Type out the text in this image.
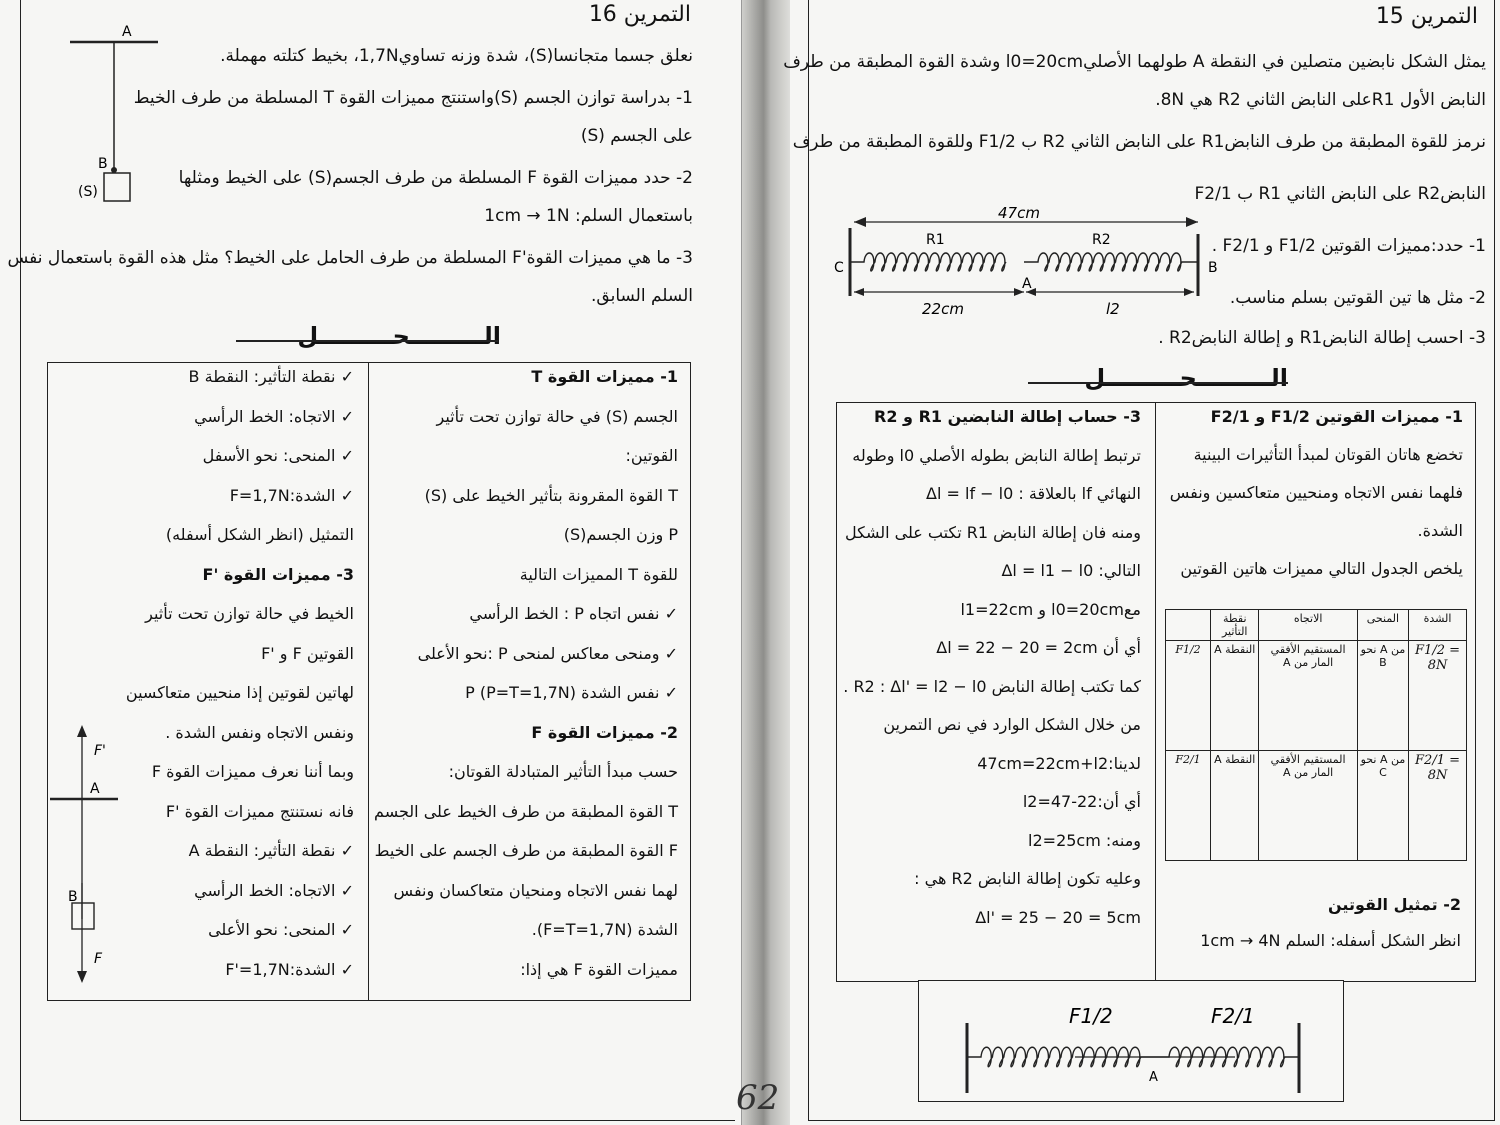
التمرين 16
A
B
(S)
نعلق جسما متجانسا(S)، شدة وزنه تساوي1,7N، بخيط كتلته مهملة.
1- بدراسة توازن الجسم (S)واستنتج مميزات القوة T المسلطة من طرف الخيط
على الجسم (S)
2- حدد مميزات القوة F المسلطة من طرف الجسم(S) على الخيط ومثلها
باستعمال السلم: 1cm → 1N
3- ما هي مميزات القوة'F المسلطة من طرف الحامل على الخيط؟ مثل هذه القوة باستعمال نفس
السلم السابق.
الـــــــــحـــــــــل
1- مميزات القوة T
الجسم (S) في حالة توازن تحت تأثير
القوتين:
T القوة المقرونة بتأثير الخيط على (S)
P وزن الجسم(S)
للقوة T المميزات التالية
✓ نفس اتجاه P : الخط الرأسي
✓ ومنحى معاكس لمنحى P :نحو الأعلى
✓ نفس الشدة P (P=T=1,7N)
2- مميزات القوة F
حسب مبدأ التأثير المتبادلة القوتان:
T القوة المطبقة من طرف الخيط على الجسم
F القوة المطبقة من طرف الجسم على الخيط
لهما نفس الاتجاه ومنحيان متعاكسان ونفس
الشدة (F=T=1,7N).
مميزات القوة F هي إذا:
✓ نقطة التأثير: النقطة B
✓ الاتجاه: الخط الرأسي
✓ المنحى: نحو الأسفل
✓ الشدة:F=1,7N
التمثيل (انظر الشكل أسفله)
3- مميزات القوة 'F
الخيط في حالة توازن تحت تأثير
القوتين F و 'F
لهاتين لقوتين إذا منحيين متعاكسين
ونفس الاتجاه ونفس الشدة .
وبما أننا نعرف مميزات القوة F
فانه نستنتج مميزات القوة 'F
✓ نقطة التأثير: النقطة A
✓ الاتجاه: الخط الرأسي
✓ المنحى: نحو الأعلى
✓ الشدة:F'=1,7N
F'
A
B
F
التمرين 15
يمثل الشكل نابضين متصلين في النقطة A طولهما الأصليl0=20cm وشدة القوة المطبقة من طرف
النابض الأول R1على النابض الثاني R2 هي 8N.
نرمز للقوة المطبقة من طرف النابضR1 على النابض الثاني R2 ب F1/2 وللقوة المطبقة من طرف
النابضR2 على النابض الثاني R1 ب F2/1
1- حدد:مميزات القوتين F1/2 و F2/1 .
2- مثل ها تين القوتين بسلم مناسب.
3- احسب إطالة النابضR1 و إطالة النابضR2 .
47cm
R1	R2
C
A
B
22cm	l2
الـــــــــحـــــــــل
1- مميزات القوتين F1/2 و F2/1
تخضع هاتان القوتان لمبدأ التأثيرات البينية
فلهما نفس الاتجاه ومنحيين متعاكسين ونفس
الشدة.
يلخص الجدول التالي مميزات هاتين القوتين
2- تمثيل القوتين
انظر الشكل أسفله: السلم 1cm → 4N
3- حساب إطالة النابضين R1 و R2
ترتبط إطالة النابض بطوله الأصلي l0 وطوله
النهائي lf بالعلاقة : Δl = lf − l0
ومنه فان إطالة النابض R1 تكتب على الشكل
التالي: Δl = l1 − l0
معl0=20cm و l1=22cm
أي أن Δl = 22 − 20 = 2cm
كما تكتب إطالة النابض R2 : Δl' = l2 − l0 .
من خلال الشكل الوارد في نص التمرين
لدينا:47cm=22cm+l2
أي أن:l2=47-22
ومنه: l2=25cm
وعليه تكون إطالة النابض R2 هي :
Δl' = 25 − 20 = 5cm
	نقطة التأثير	الاتجاه	المنحى	الشدة
F1/2	النقطة A	المستقيم الأفقي المار من A	من A نحو B	F1/2 = 8N
F2/1	النقطة A	المستقيم الأفقي المار من A	من A نحو C	F2/1 = 8N
F1/2	F2/1
A
62
